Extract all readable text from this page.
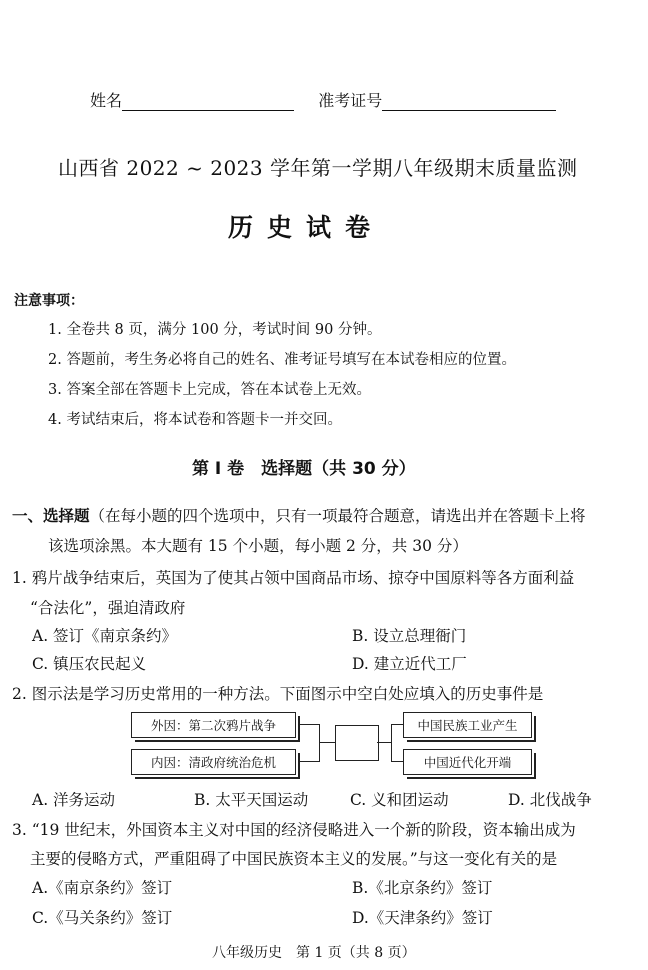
姓名	准考证号
山西省 2022 ~ 2023 学年第一学期八年级期末质量监测
历史试卷
注意事项：
1. 全卷共 8 页，满分 100 分，考试时间 90 分钟。
2. 答题前，考生务必将自己的姓名、准考证号填写在本试卷相应的位置。
3. 答案全部在答题卡上完成，答在本试卷上无效。
4. 考试结束后，将本试卷和答题卡一并交回。
第 Ⅰ 卷　选择题（共 30 分）
一、选择题（在每小题的四个选项中，只有一项最符合题意，请选出并在答题卡上将
该选项涂黑。本大题有 15 个小题，每小题 2 分，共 30 分）
1. 鸦片战争结束后，英国为了使其占领中国商品市场、掠夺中国原料等各方面利益
“合法化”，强迫清政府
A. 签订《南京条约》	B. 设立总理衙门
C. 镇压农民起义	D. 建立近代工厂
2. 图示法是学习历史常用的一种方法。下面图示中空白处应填入的历史事件是
外因：第二次鸦片战争
内因：清政府统治危机
中国民族工业产生
中国近代化开端
A. 洋务运动	B. 太平天国运动	C. 义和团运动	D. 北伐战争
3. “19 世纪末，外国资本主义对中国的经济侵略进入一个新的阶段，资本输出成为
主要的侵略方式，严重阻碍了中国民族资本主义的发展。”与这一变化有关的是
A.《南京条约》签订	B.《北京条约》签订
C.《马关条约》签订	D.《天津条约》签订
八年级历史　第 1 页（共 8 页）
